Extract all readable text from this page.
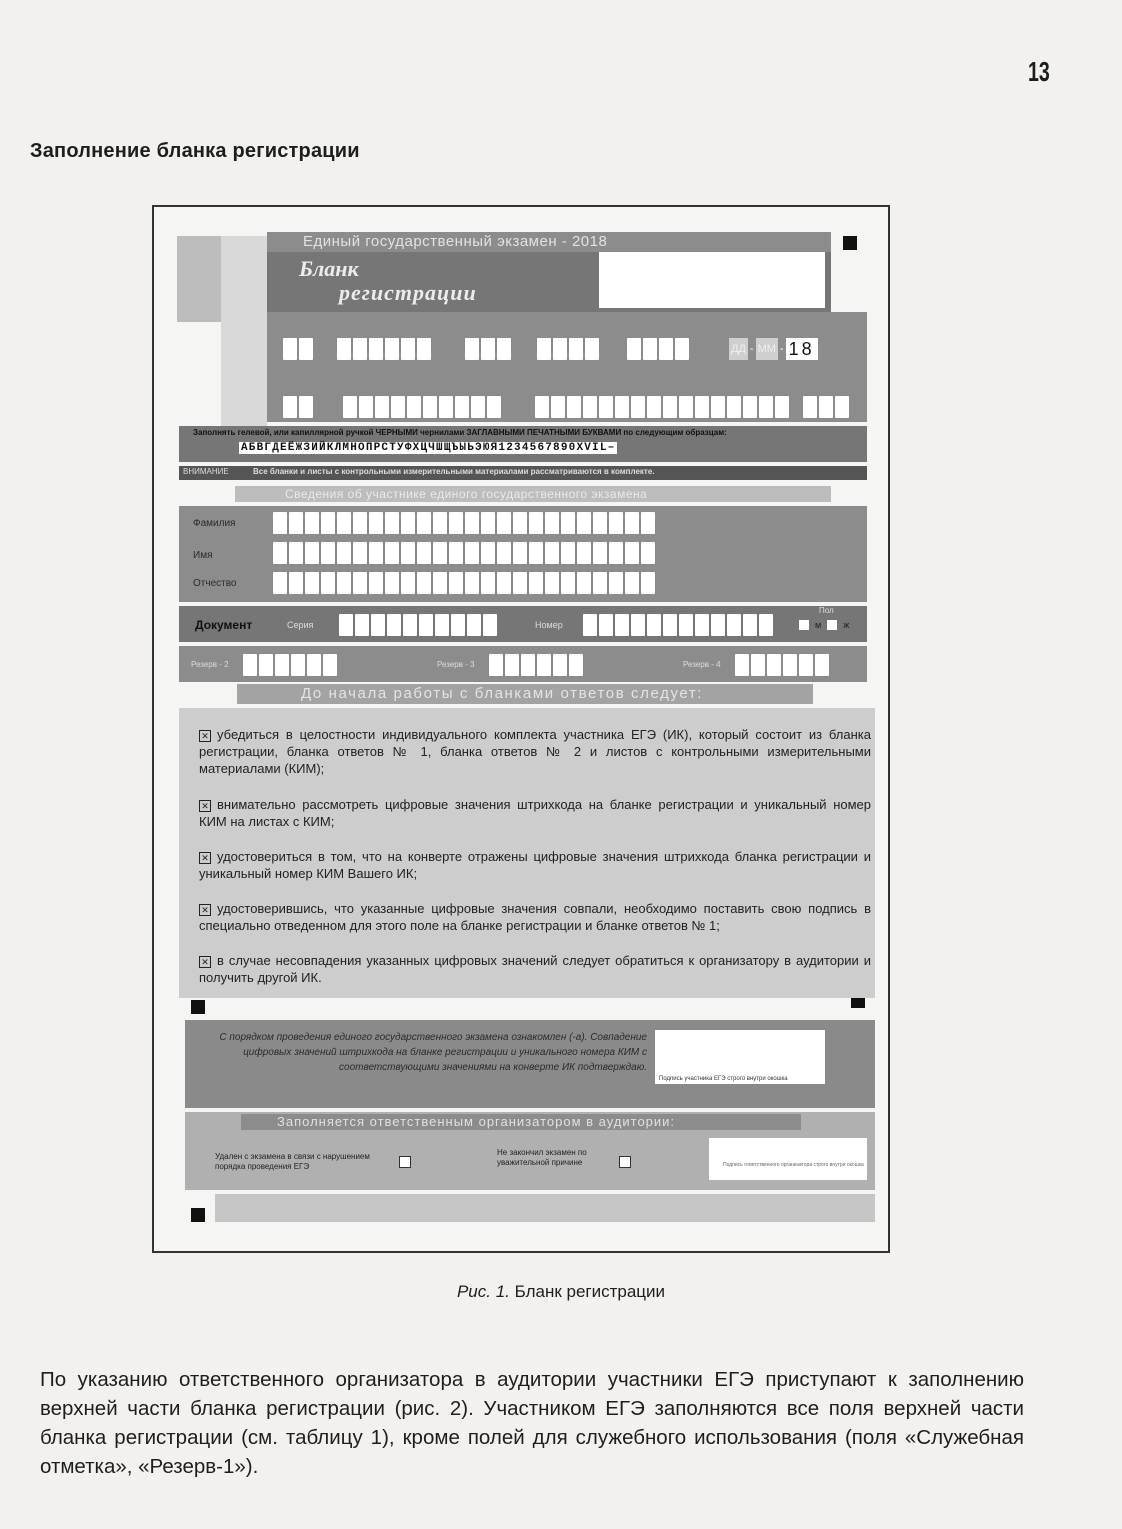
13
Заполнение бланка регистрации
Единый государственный экзамен - 2018
Бланк
регистрации
ДД - ММ - 18
Заполнять гелевой, или капиллярной ручкой ЧЕРНЫМИ чернилами ЗАГЛАВНЫМИ ПЕЧАТНЫМИ БУКВАМИ по следующим образцам:
АБВГДЕЁЖЗИЙКЛМНОПРСТУФХЦЧШЩЪЫЬЭЮЯ1234567890XVIL–
ВНИМАНИЕ	Все бланки и листы с контрольными измерительными материалами рассматриваются в комплекте.
Сведения об участнике единого государственного экзамена
Фамилия
Имя
Отчество
Документ	Серия	Номер
Пол
м ж
Резерв - 2	Резерв - 3	Резерв - 4
До начала работы с бланками ответов следует:
✕ убедиться в целостности индивидуального комплекта участника ЕГЭ (ИК), который состоит из бланка регистрации, бланка ответов № 1, бланка ответов № 2 и листов с контрольными измерительными материалами (КИМ);
✕ внимательно рассмотреть цифровые значения штрихкода на бланке регистрации и уникальный номер КИМ на листах с КИМ;
✕ удостовериться в том, что на конверте отражены цифровые значения штрихкода бланка регистрации и уникальный номер КИМ Вашего ИК;
✕ удостоверившись, что указанные цифровые значения совпали, необходимо поставить свою подпись в специально отведенном для этого поле на бланке регистрации и бланке ответов № 1;
✕ в случае несовпадения указанных цифровых значений следует обратиться к организатору в аудитории и получить другой ИК.
С порядком проведения единого государственного экзамена ознакомлен (-а). Совпадение цифровых значений штрихкода на бланке регистрации и уникального номера КИМ с соответствующими значениями на конверте ИК подтверждаю.
Подпись участника ЕГЭ строго внутри окошка
Заполняется ответственным организатором в аудитории:
Удален с экзамена в связи с нарушением порядка проведения ЕГЭ
Не закончил экзамен по уважительной причине	Подпись ответственного организатора строго внутри окошка
Рис. 1. Бланк регистрации
По указанию ответственного организатора в аудитории участники ЕГЭ приступают к заполнению верхней части бланка регистрации (рис. 2). Участником ЕГЭ заполняются все поля верхней части бланка регистрации (см. таблицу 1), кроме полей для служебного использования (поля «Служебная отметка», «Резерв-1»).
